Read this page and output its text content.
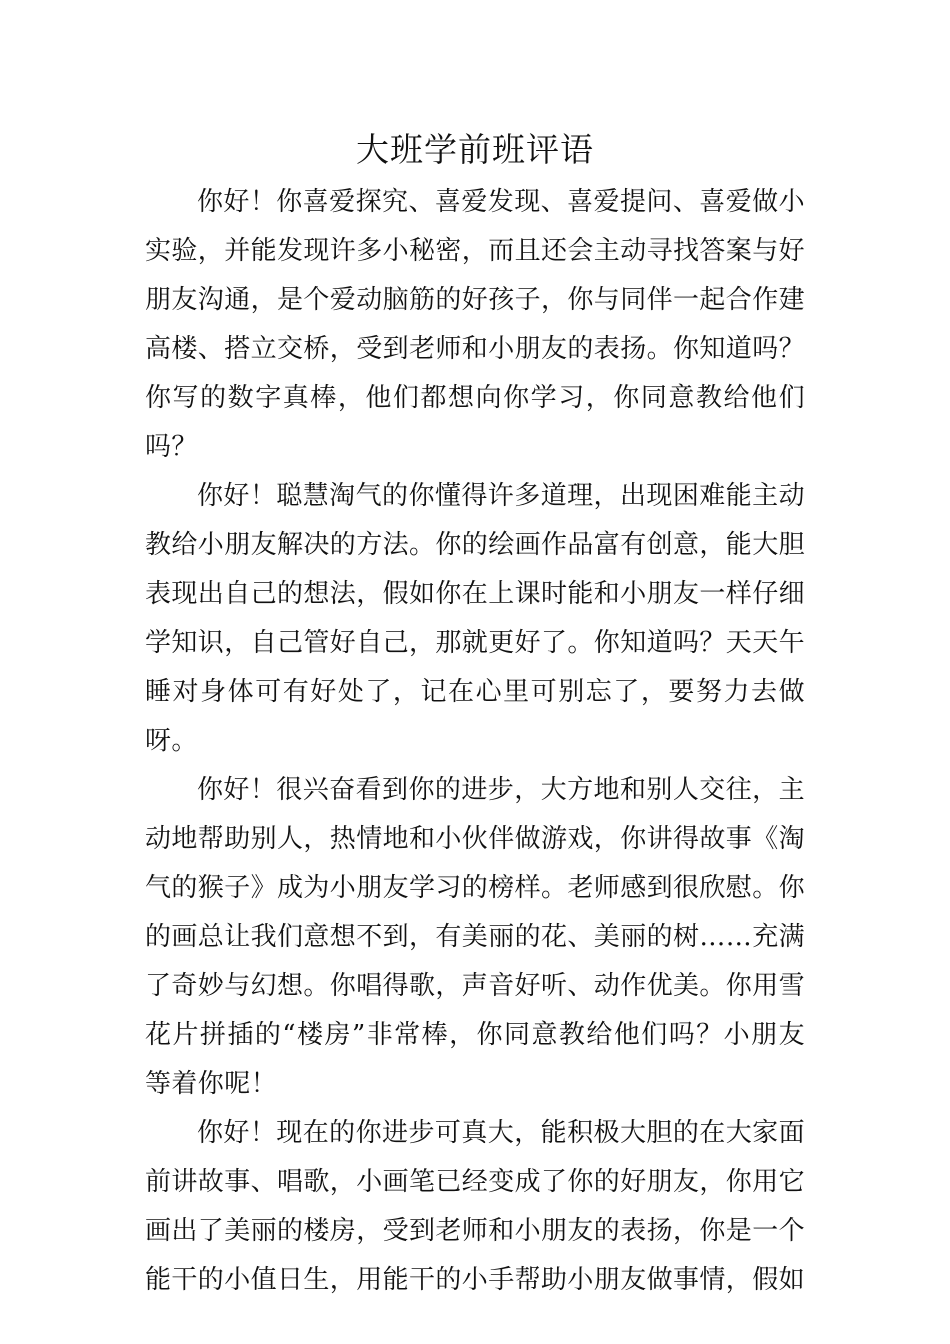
大班学前班评语

你好！你喜爱探究、喜爱发现、喜爱提问、喜爱做小实验，并能发现许多小秘密，而且还会主动寻找答案与好朋友沟通，是个爱动脑筋的好孩子，你与同伴一起合作建高楼、搭立交桥，受到老师和小朋友的表扬。你知道吗？你写的数字真棒，他们都想向你学习，你同意教给他们吗？

你好！聪慧淘气的你懂得许多道理，出现困难能主动教给小朋友解决的方法。你的绘画作品富有创意，能大胆表现出自己的想法，假如你在上课时能和小朋友一样仔细学知识，自己管好自己，那就更好了。你知道吗？天天午睡对身体可有好处了，记在心里可别忘了，要努力去做呀。

你好！很兴奋看到你的进步，大方地和别人交往，主动地帮助别人，热情地和小伙伴做游戏，你讲得故事《淘气的猴子》成为小朋友学习的榜样。老师感到很欣慰。你的画总让我们意想不到，有美丽的花、美丽的树……充满了奇妙与幻想。你唱得歌，声音好听、动作优美。你用雪花片拼插的“楼房”非常棒，你同意教给他们吗？小朋友等着你呢！

你好！现在的你进步可真大，能积极大胆的在大家面前讲故事、唱歌，小画笔已经变成了你的好朋友，你用它画出了美丽的楼房，受到老师和小朋友的表扬，你是一个能干的小值日生，用能干的小手帮助小朋友做事情，假如
